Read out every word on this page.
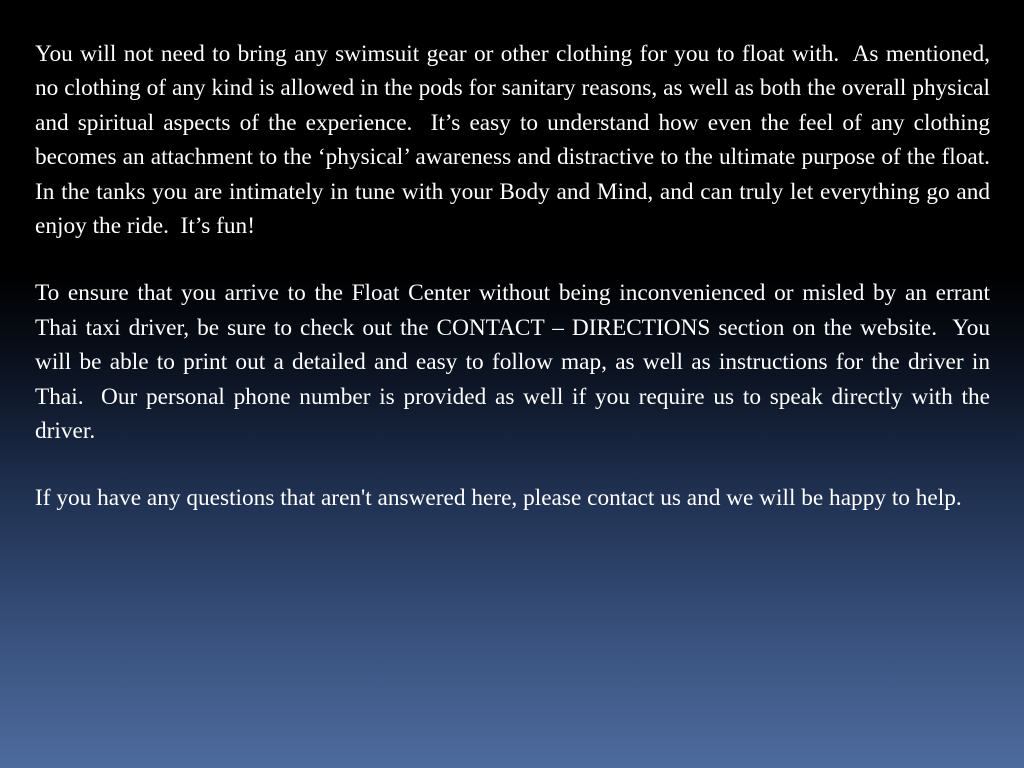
You will not need to bring any swimsuit gear or other clothing for you to float with.  As mentioned, no clothing of any kind is allowed in the pods for sanitary reasons, as well as both the overall physical and spiritual aspects of the experience.  It’s easy to understand how even the feel of any clothing becomes an attachment to the ‘physical’ awareness and distractive to the ultimate purpose of the float.  In the tanks you are intimately in tune with your Body and Mind, and can truly let everything go and enjoy the ride.  It’s fun!

To ensure that you arrive to the Float Center without being inconvenienced or misled by an errant Thai taxi driver, be sure to check out the CONTACT – DIRECTIONS section on the website.  You will be able to print out a detailed and easy to follow map, as well as instructions for the driver in Thai.  Our personal phone number is provided as well if you require us to speak directly with the driver.

If you have any questions that aren't answered here, please contact us and we will be happy to help.
